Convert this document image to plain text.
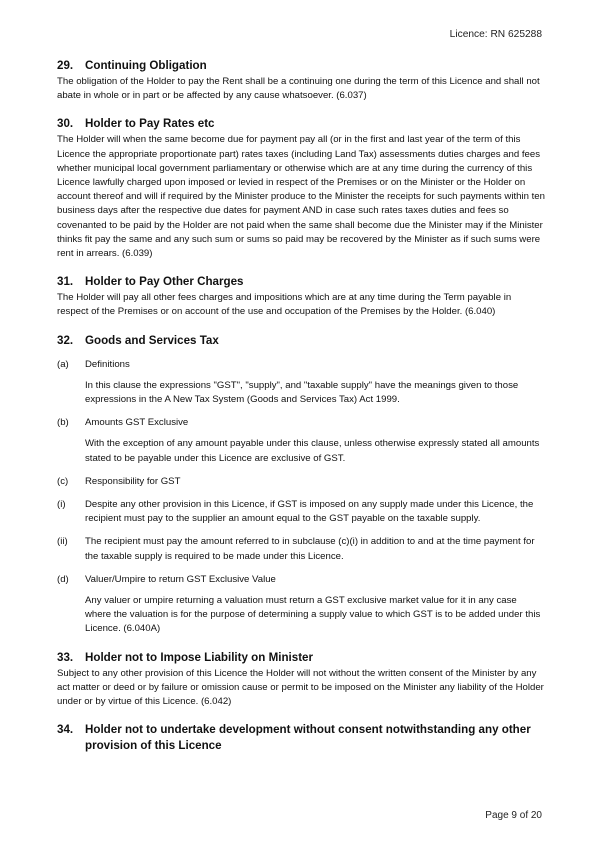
Licence: RN 625288
29.	Continuing Obligation

The obligation of the Holder to pay the Rent shall be a continuing one during the term of this Licence and shall not abate in whole or in part or be affected by any cause whatsoever. (6.037)

30.	Holder to Pay Rates etc

The Holder will when the same become due for payment pay all (or in the first and last year of the term of this Licence the appropriate proportionate part) rates taxes (including Land Tax) assessments duties charges and fees whether municipal local government parliamentary or otherwise which are at any time during the currency of this Licence lawfully charged upon imposed or levied in respect of the Premises or on the Minister or the Holder on account thereof and will if required by the Minister produce to the Minister the receipts for such payments within ten business days after the respective due dates for payment AND in case such rates taxes duties and fees so covenanted to be paid by the Holder are not paid when the same shall become due the Minister may if the Minister thinks fit pay the same and any such sum or sums so paid may be recovered by the Minister as if such sums were rent in arrears. (6.039)

31.	Holder to Pay Other Charges

The Holder will pay all other fees charges and impositions which are at any time during the Term payable in respect of the Premises or on account of the use and occupation of the Premises by the Holder. (6.040)

32.	Goods and Services Tax
(a)	Definitions

In this clause the expressions "GST", "supply", and "taxable supply" have the meanings given to those expressions in the A New Tax System (Goods and Services Tax) Act 1999.

(b)	Amounts GST Exclusive

With the exception of any amount payable under this clause, unless otherwise expressly stated all amounts stated to be payable under this Licence are exclusive of GST.

(c)	Responsibility for GST
(i)	Despite any other provision in this Licence, if GST is imposed on any supply made under this Licence, the recipient must pay to the supplier an amount equal to the GST payable on the taxable supply.
(ii)	The recipient must pay the amount referred to in subclause (c)(i) in addition to and at the time payment for the taxable supply is required to be made under this Licence.
(d)	Valuer/Umpire to return GST Exclusive Value

Any valuer or umpire returning a valuation must return a GST exclusive market value for it in any case where the valuation is for the purpose of determining a supply value to which GST is to be added under this Licence. (6.040A)

33.	Holder not to Impose Liability on Minister

Subject to any other provision of this Licence the Holder will not without the written consent of the Minister by any act matter or deed or by failure or omission cause or permit to be imposed on the Minister any liability of the Holder under or by virtue of this Licence. (6.042)

34.	Holder not to undertake development without consent notwithstanding any other provision of this Licence
Page 9 of 20
